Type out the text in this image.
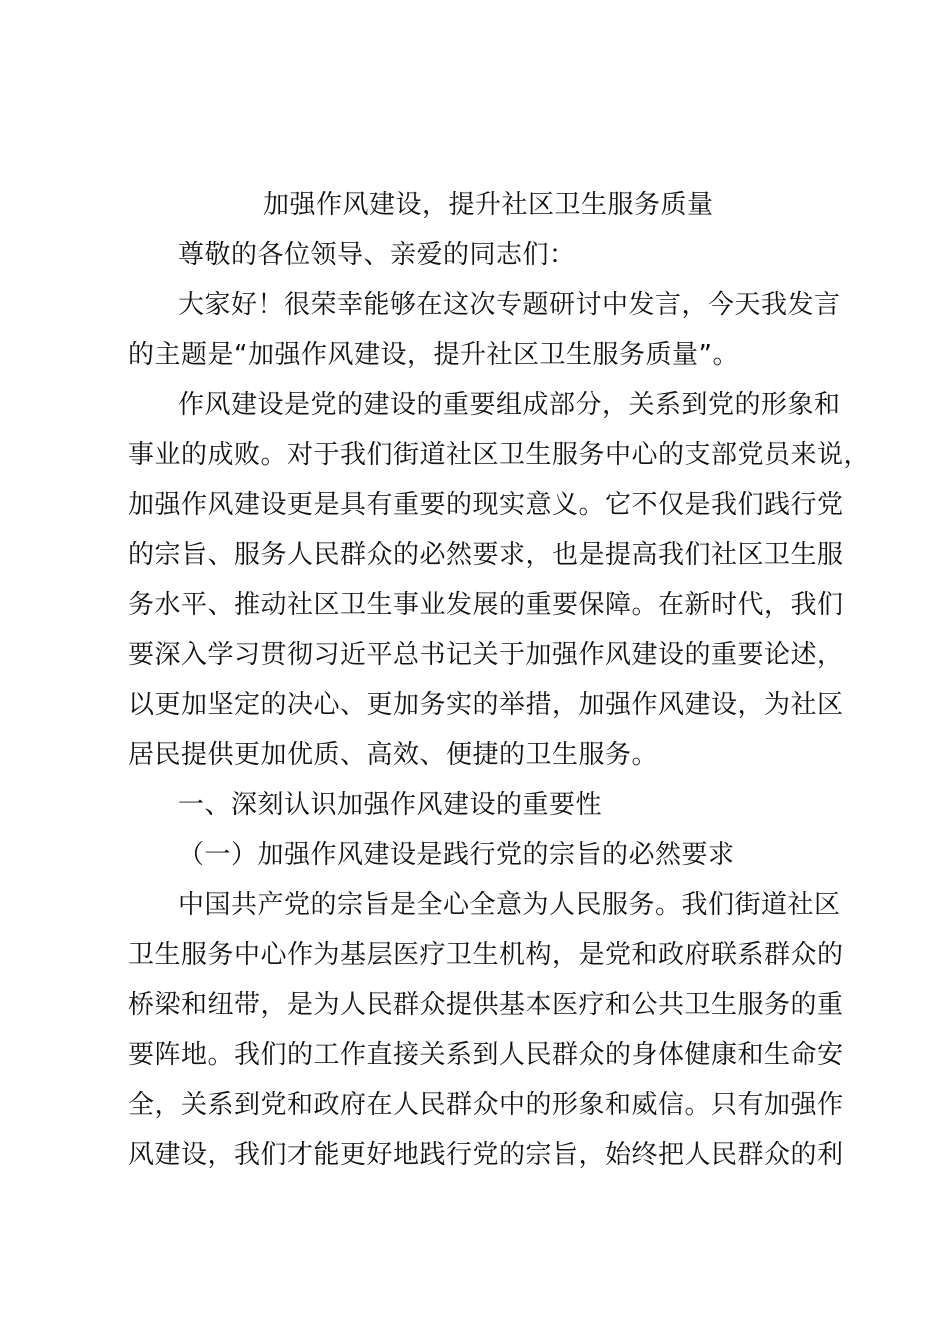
加强作风建设，提升社区卫生服务质量
尊敬的各位领导、亲爱的同志们：
大家好！很荣幸能够在这次专题研讨中发言，今天我发言
的主题是“加强作风建设，提升社区卫生服务质量”。
作风建设是党的建设的重要组成部分，关系到党的形象和
事业的成败。对于我们街道社区卫生服务中心的支部党员来说，
加强作风建设更是具有重要的现实意义。它不仅是我们践行党
的宗旨、服务人民群众的必然要求，也是提高我们社区卫生服
务水平、推动社区卫生事业发展的重要保障。在新时代，我们
要深入学习贯彻习近平总书记关于加强作风建设的重要论述，
以更加坚定的决心、更加务实的举措，加强作风建设，为社区
居民提供更加优质、高效、便捷的卫生服务。
一、深刻认识加强作风建设的重要性
（一）加强作风建设是践行党的宗旨的必然要求
中国共产党的宗旨是全心全意为人民服务。我们街道社区
卫生服务中心作为基层医疗卫生机构，是党和政府联系群众的
桥梁和纽带，是为人民群众提供基本医疗和公共卫生服务的重
要阵地。我们的工作直接关系到人民群众的身体健康和生命安
全，关系到党和政府在人民群众中的形象和威信。只有加强作
风建设，我们才能更好地践行党的宗旨，始终把人民群众的利
